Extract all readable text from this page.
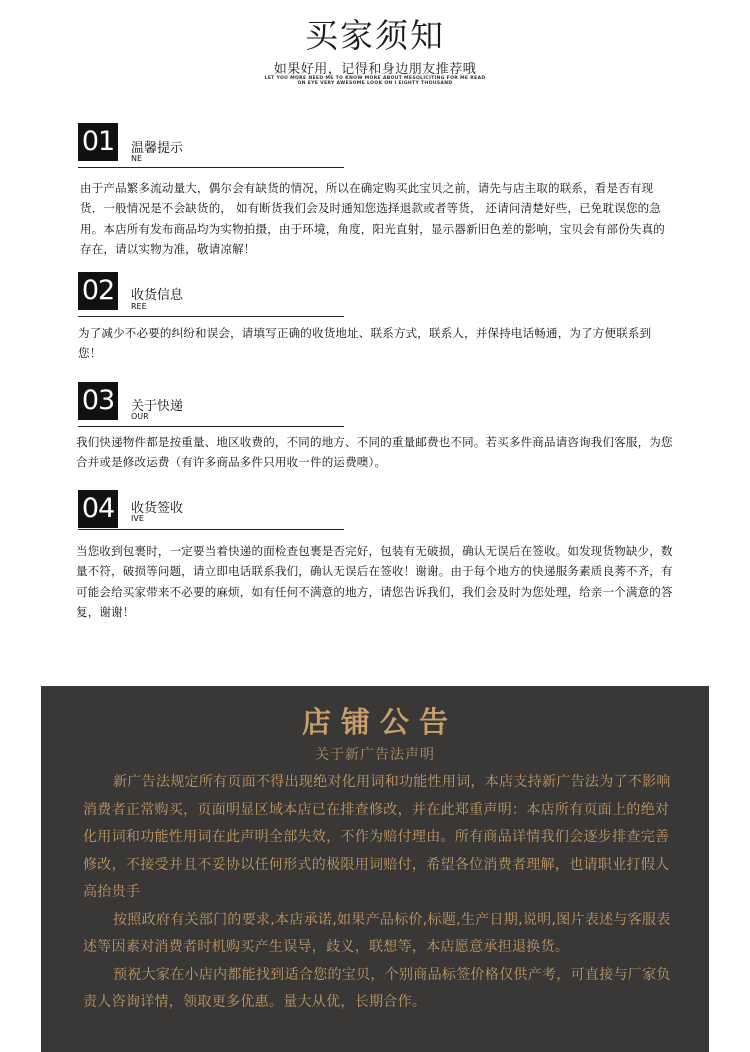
买家须知
如果好用，记得和身边朋友推荐哦
LET YOU MORE NEED ME TO KNOW MORE ABOUT MESOLICITING FOR ME READ
ON EYE VERY AWESOME LOOK ON I EIGHTY THOUSAND
01 温馨提示
NE
由于产品繁多流动量大，偶尔会有缺货的情况，所以在确定购买此宝贝之前，请先与店主取的联系，看是否有现货．一般情况是不会缺货的， 如有断货我们会及时通知您选择退款或者等货， 还请问清楚好些，已免耽误您的急用。本店所有发布商品均为实物拍摄，由于环境，角度，阳光直射，显示器新旧色差的影响，宝贝会有部份失真的存在，请以实物为准，敬请凉解！
02 收货信息
REE
为了减少不必要的纠纷和误会，请填写正确的收货地址、联系方式，联系人，并保持电话畅通，为了方便联系到您！
03 关于快递
OUR
我们快递物件都是按重量、地区收费的，不同的地方、不同的重量邮费也不同。若买多件商品请咨询我们客服，为您合并或是修改运费（有许多商品多件只用收一件的运费噢）。
04 收货签收
IVE
当您收到包裹时，一定要当着快递的面检查包裹是否完好，包装有无破损，确认无误后在签收。如发现货物缺少，数量不符，破损等问题，请立即电话联系我们，确认无误后在签收！谢谢。由于每个地方的快递服务素质良莠不齐，有可能会给买家带来不必要的麻烦，如有任何不满意的地方，请您告诉我们，我们会及时为您处理，给亲一个满意的答复，谢谢！
店铺公告
关于新广告法声明

新广告法规定所有页面不得出现绝对化用词和功能性用词，本店支持新广告法为了不影响消费者正常购买，页面明显区域本店已在排查修改，并在此郑重声明：本店所有页面上的绝对化用词和功能性用词在此声明全部失效，不作为赔付理由。所有商品详情我们会逐步排查完善修改，不接受并且不妥协以任何形式的极限用词赔付，希望各位消费者理解，也请职业打假人高抬贵手

按照政府有关部门的要求,本店承诺,如果产品标价,标题,生产日期,说明,图片表述与客服表述等因素对消费者时机购买产生误导，歧义，联想等，本店愿意承担退换货。

预祝大家在小店内都能找到适合您的宝贝，个别商品标签价格仅供产考，可直接与厂家负责人咨询详情，领取更多优惠。量大从优，长期合作。
